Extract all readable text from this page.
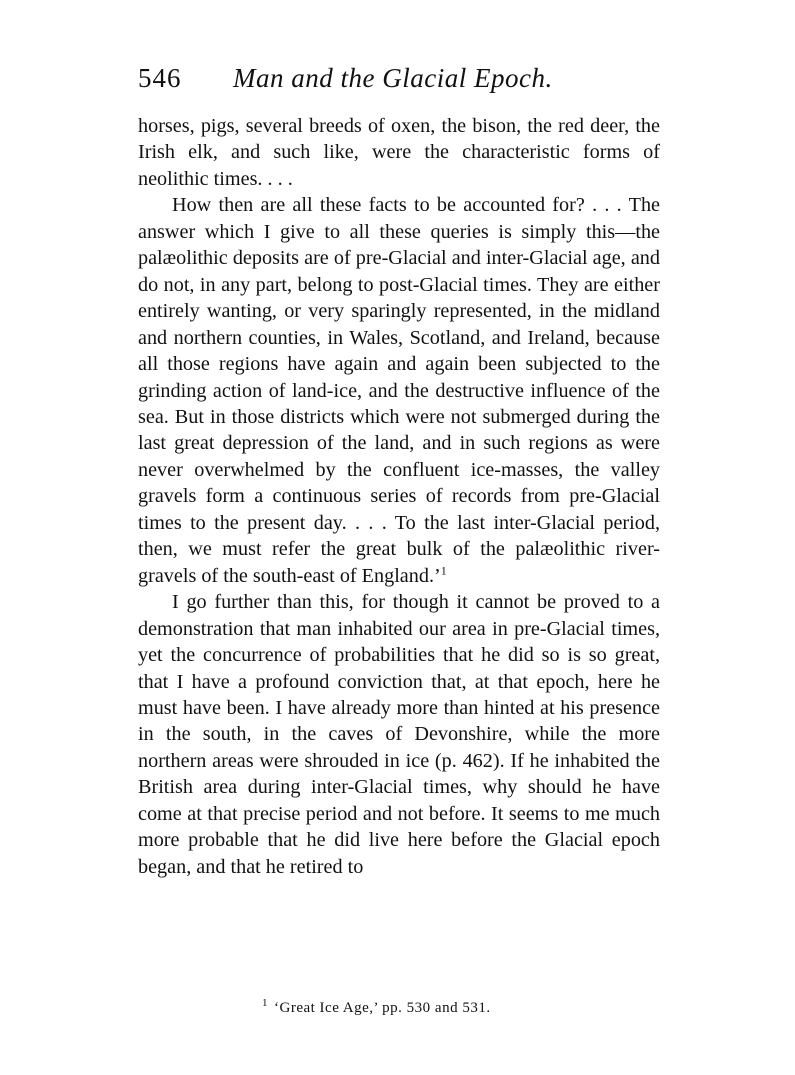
546 Man and the Glacial Epoch.

horses, pigs, several breeds of oxen, the bison, the red deer, the Irish elk, and such like, were the characteristic forms of neolithic times. . . .

How then are all these facts to be accounted for? . . . The answer which I give to all these queries is simply this—the palæolithic deposits are of pre-Glacial and inter-Glacial age, and do not, in any part, belong to post-Glacial times. They are either entirely wanting, or very sparingly represented, in the midland and northern counties, in Wales, Scotland, and Ireland, because all those regions have again and again been subjected to the grinding action of land-ice, and the destructive influence of the sea. But in those districts which were not submerged during the last great depression of the land, and in such regions as were never overwhelmed by the confluent ice-masses, the valley gravels form a continuous series of records from pre-Glacial times to the present day. . . . To the last inter-Glacial period, then, we must refer the great bulk of the palæolithic river-gravels of the south-east of England.’$^1$

I go further than this, for though it cannot be proved to a demonstration that man inhabited our area in pre-Glacial times, yet the concurrence of probabilities that he did so is so great, that I have a profound conviction that, at that epoch, here he must have been. I have already more than hinted at his presence in the south, in the caves of Devonshire, while the more northern areas were shrouded in ice (p. 462). If he inhabited the British area during inter-Glacial times, why should he have come at that precise period and not before. It seems to me much more probable that he did live here before the Glacial epoch began, and that he retired to

$^1$ ‘Great Ice Age,’ pp. 530 and 531.
